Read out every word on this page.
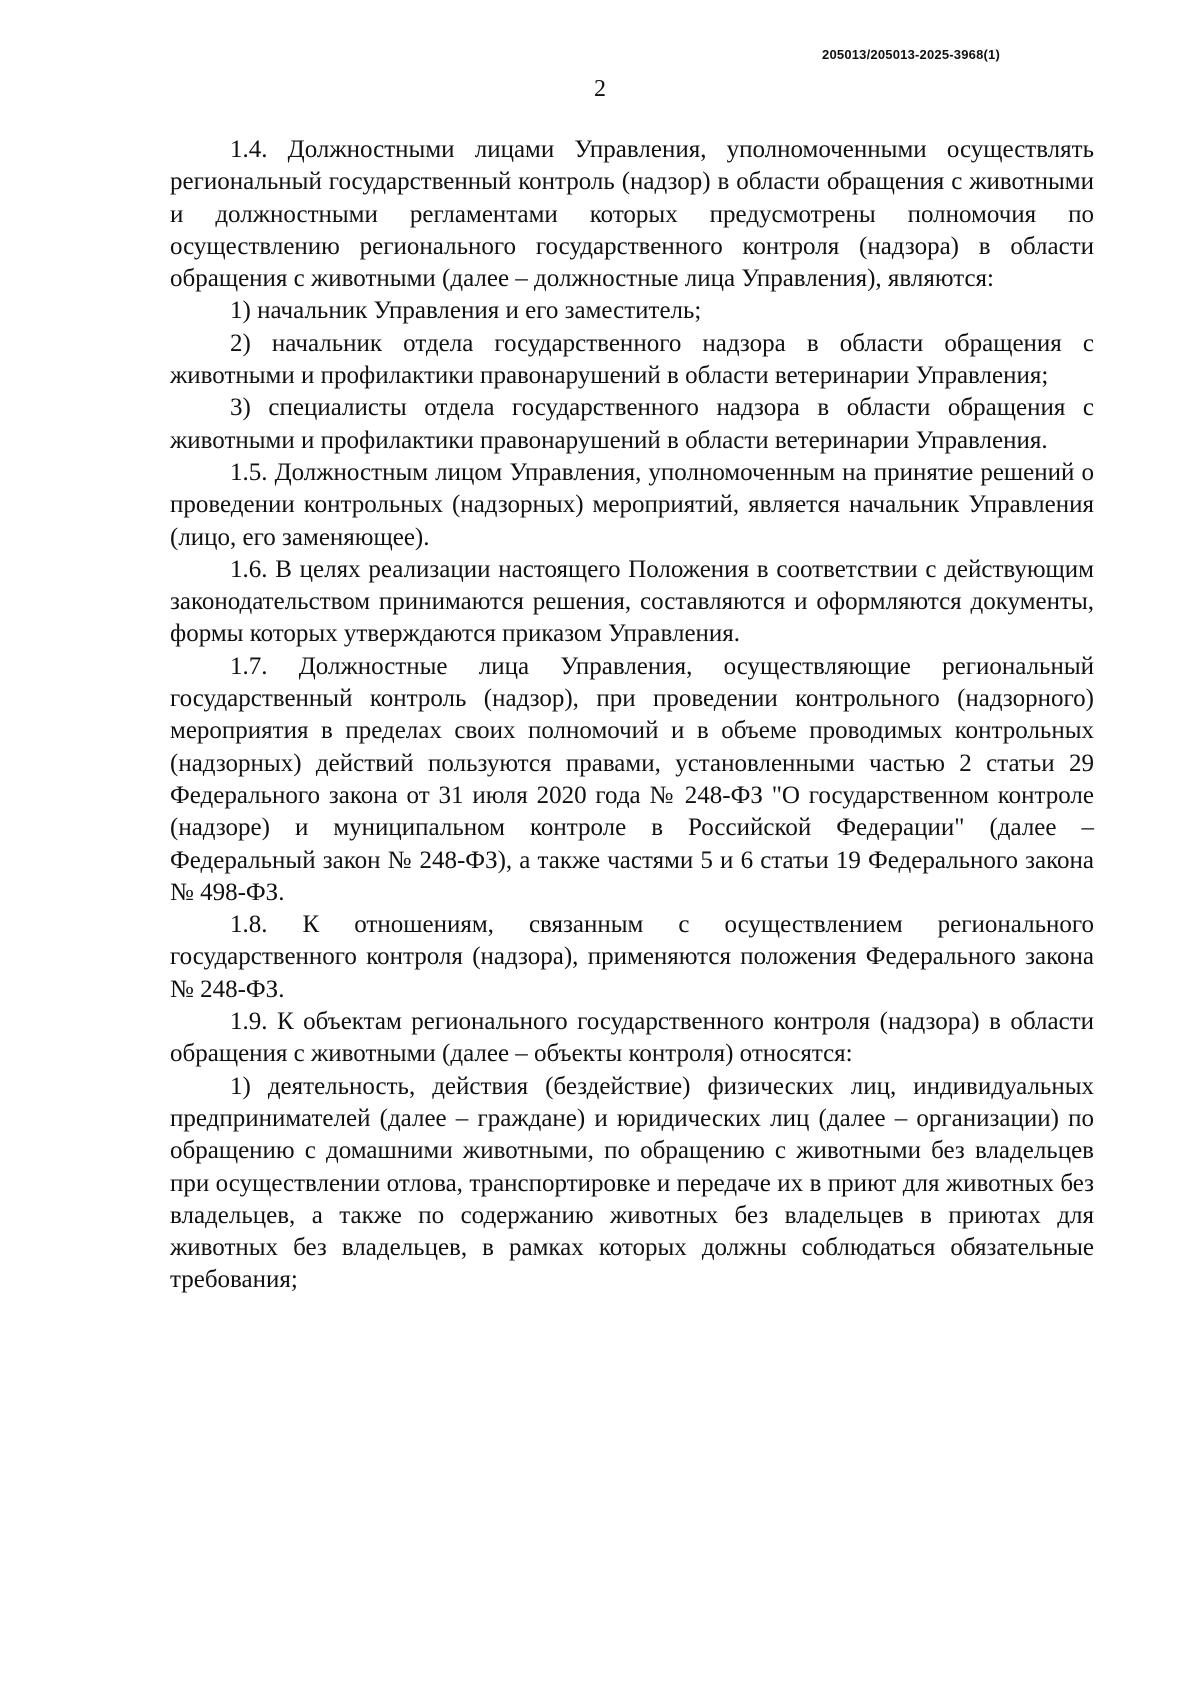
205013/205013-2025-3968(1)
2

1.4. Должностными лицами Управления, уполномоченными осуществлять региональный государственный контроль (надзор) в области обращения с животными и должностными регламентами которых предусмотрены полномочия по осуществлению регионального государственного контроля (надзора) в области обращения с животными (далее – должностные лица Управления), являются:

1) начальник Управления и его заместитель;

2) начальник отдела государственного надзора в области обращения с животными и профилактики правонарушений в области ветеринарии Управления;

3) специалисты отдела государственного надзора в области обращения с животными и профилактики правонарушений в области ветеринарии Управления.

1.5. Должностным лицом Управления, уполномоченным на принятие решений о проведении контрольных (надзорных) мероприятий, является начальник Управления (лицо, его заменяющее).

1.6. В целях реализации настоящего Положения в соответствии с действующим законодательством принимаются решения, составляются и оформляются документы, формы которых утверждаются приказом Управления.

1.7. Должностные лица Управления, осуществляющие региональный государственный контроль (надзор), при проведении контрольного (надзорного) мероприятия в пределах своих полномочий и в объеме проводимых контрольных (надзорных) действий пользуются правами, установленными частью 2 статьи 29 Федерального закона от 31 июля 2020 года № 248-ФЗ "О государственном контроле (надзоре) и муниципальном контроле в Российской Федерации" (далее – Федеральный закон № 248-ФЗ), а также частями 5 и 6 статьи 19 Федерального закона № 498-ФЗ.

1.8. К отношениям, связанным с осуществлением регионального государственного контроля (надзора), применяются положения Федерального закона № 248-ФЗ.

1.9. К объектам регионального государственного контроля (надзора) в области обращения с животными (далее – объекты контроля) относятся:

1) деятельность, действия (бездействие) физических лиц, индивидуальных предпринимателей (далее – граждане) и юридических лиц (далее – организации) по обращению с домашними животными, по обращению с животными без владельцев при осуществлении отлова, транспортировке и передаче их в приют для животных без владельцев, а также по содержанию животных без владельцев в приютах для животных без владельцев, в рамках которых должны соблюдаться обязательные требования;
